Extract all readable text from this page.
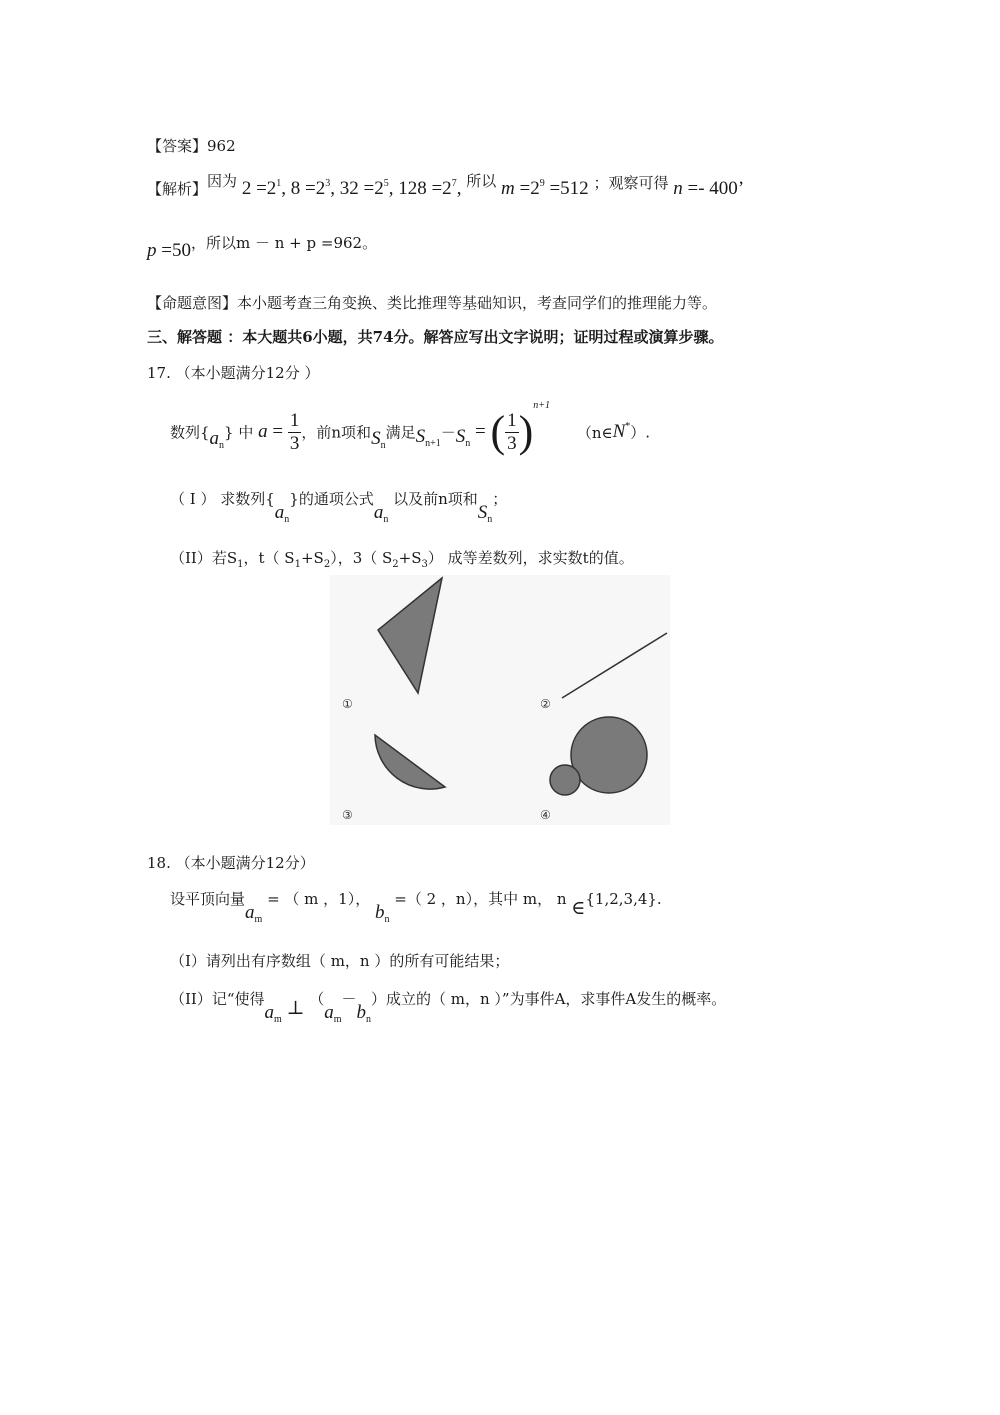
【答案】962
【解析】因为 $2 =2^1$, $8 =2^3$, $32 =2^5$, $128 =2^7$, 所以 $m =2^9 =512$ ；观察可得 n =- 400’
p =50，所以m － n + p =962。
【命题意图】本小题考查三角变换、类比推理等基础知识，考查同学们的推理能力等。
三、解答题 ：本大题共6小题，共74分。解答应写出文字说明；证明过程或演算步骤。
17. （本小题满分12分 ）
数列$\{a_n\}$ 中 $a = \frac{1}{3}$ ，前n项和$S_n$满足$S_{n+1}-S_n$ = ( $\frac{1}{3} )^{n+1}$ （n∈N*）.
（ Ⅰ ） 求数列$\{a_n\}$的通项公式$a_n$ 以及前n项和$S_n$；
（II）若$S_1$，t（ $S_1+S_2$），3（ $S_2+S_3$） 成等差数列，求实数t的值。
①	②
③	④
18. （本小题满分12分）
设平顶向量$a_m$ = （ m ，1）， $b_n$ =（ 2 ，n），其中 m， n ∈{1,2,3,4}.
（I）请列出有序数组（ m，n ）的所有可能结果；
（II）记“使得$a_m$ ⊥ $(a_m-b_n)$成立的（ m，n ）”为事件A，求事件A发生的概率。
